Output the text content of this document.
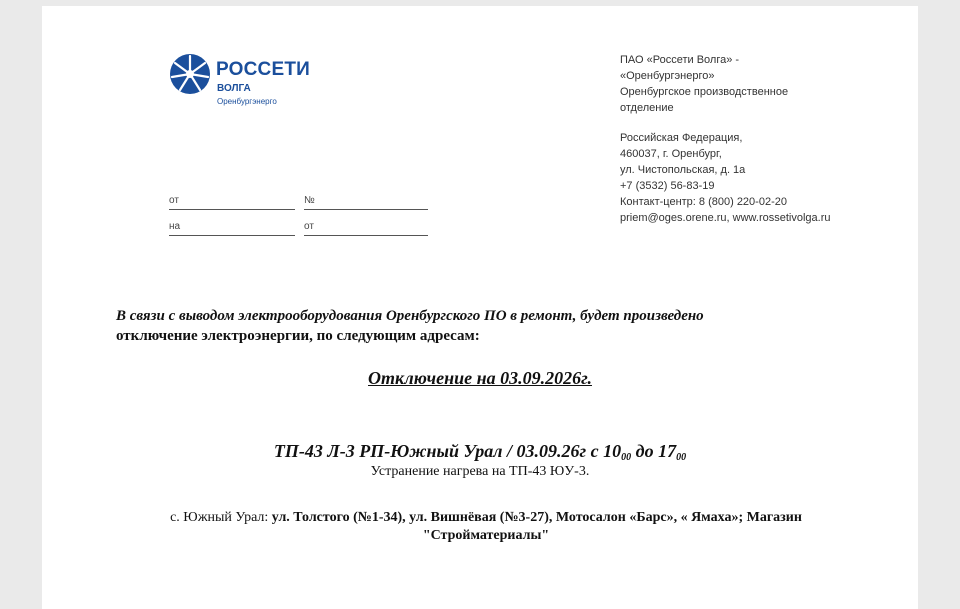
РОССЕТИ
ВОЛГА
Оренбургэнерго
ПАО «Россети Волга» -
«Оренбургэнерго»
Оренбургское производственное
отделение
Российская Федерация,
460037, г. Оренбург,
ул. Чистопольская, д. 1а
+7 (3532) 56-83-19
Контакт-центр: 8 (800) 220-02-20
priem@oges.orene.ru, www.rossetivolga.ru
от	№
на	от
В связи с выводом электрооборудования Оренбургского ПО в ремонт, будет произведено
отключение электроэнергии, по следующим адресам:
Отключение на 03.09.2026г.
ТП-43 Л-3 РП-Южный Урал / 03.09.26г с $10_{00}$ до $17_{00}$
Устранение нагрева на ТП-43 ЮУ-3.
с. Южный Урал: ул. Толстого (№1-34), ул. Вишнёвая (№3-27), Мотосалон «Барс», « Ямаха»; Магазин
"Стройматериалы"
